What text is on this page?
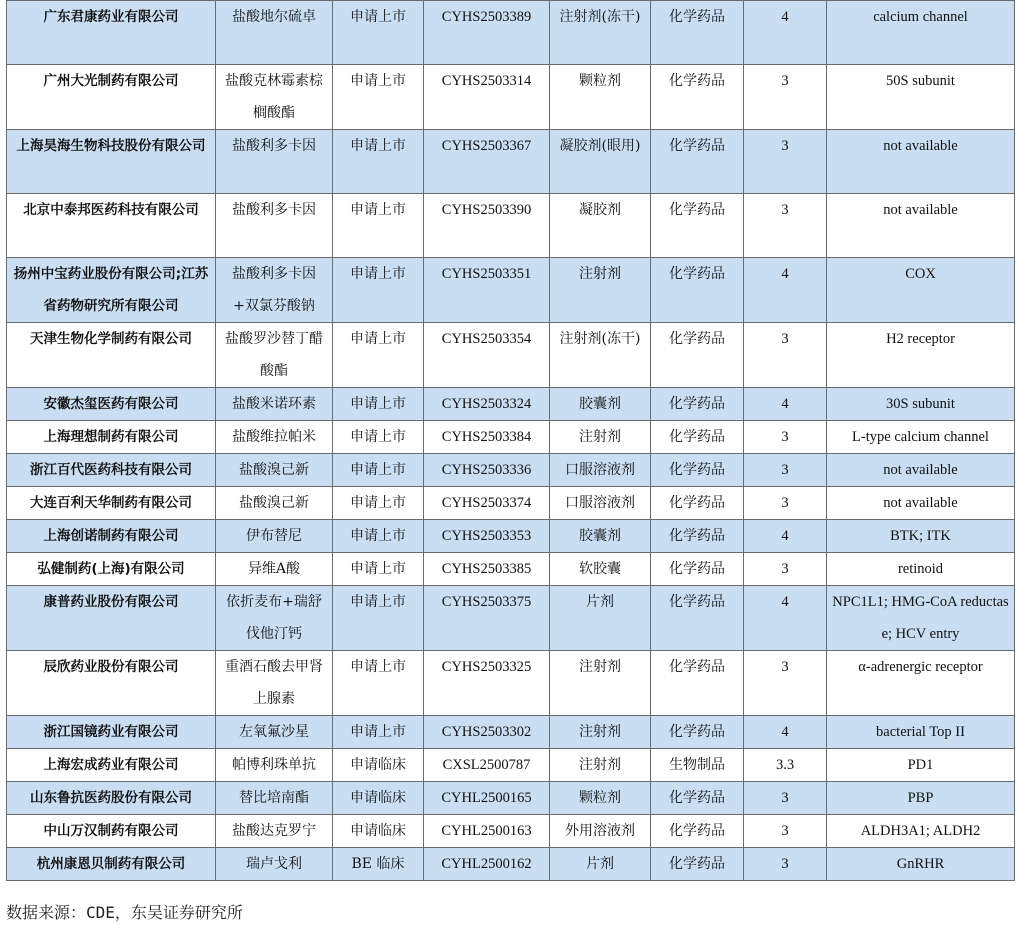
广东君康药业有限公司	盐酸地尔硫卓	申请上市	CYHS2503389	注射剂(冻干)	化学药品	4	calcium channel
广州大光制药有限公司	盐酸克林霉素棕榈酸酯	申请上市	CYHS2503314	颗粒剂	化学药品	3	50S subunit
上海昊海生物科技股份有限公司	盐酸利多卡因	申请上市	CYHS2503367	凝胶剂(眼用)	化学药品	3	not available
北京中泰邦医药科技有限公司	盐酸利多卡因	申请上市	CYHS2503390	凝胶剂	化学药品	3	not available
扬州中宝药业股份有限公司;江苏省药物研究所有限公司	盐酸利多卡因+双氯芬酸钠	申请上市	CYHS2503351	注射剂	化学药品	4	COX
天津生物化学制药有限公司	盐酸罗沙替丁醋酸酯	申请上市	CYHS2503354	注射剂(冻干)	化学药品	3	H2 receptor
安徽杰玺医药有限公司	盐酸米诺环素	申请上市	CYHS2503324	胶囊剂	化学药品	4	30S subunit
上海理想制药有限公司	盐酸维拉帕米	申请上市	CYHS2503384	注射剂	化学药品	3	L-type calcium channel
浙江百代医药科技有限公司	盐酸溴己新	申请上市	CYHS2503336	口服溶液剂	化学药品	3	not available
大连百利天华制药有限公司	盐酸溴己新	申请上市	CYHS2503374	口服溶液剂	化学药品	3	not available
上海创诺制药有限公司	伊布替尼	申请上市	CYHS2503353	胶囊剂	化学药品	4	BTK; ITK
弘健制药(上海)有限公司	异维A酸	申请上市	CYHS2503385	软胶囊	化学药品	3	retinoid
康普药业股份有限公司	依折麦布+瑞舒伐他汀钙	申请上市	CYHS2503375	片剂	化学药品	4	NPC1L1; HMG-CoA reductase; HCV entry
辰欣药业股份有限公司	重酒石酸去甲肾上腺素	申请上市	CYHS2503325	注射剂	化学药品	3	α-adrenergic receptor
浙江国镜药业有限公司	左氧氟沙星	申请上市	CYHS2503302	注射剂	化学药品	4	bacterial Top II
上海宏成药业有限公司	帕博利珠单抗	申请临床	CXSL2500787	注射剂	生物制品	3.3	PD1
山东鲁抗医药股份有限公司	替比培南酯	申请临床	CYHL2500165	颗粒剂	化学药品	3	PBP
中山万汉制药有限公司	盐酸达克罗宁	申请临床	CYHL2500163	外用溶液剂	化学药品	3	ALDH3A1; ALDH2
杭州康恩贝制药有限公司	瑞卢戈利	BE 临床	CYHL2500162	片剂	化学药品	3	GnRHR
数据来源：CDE，东吴证券研究所
